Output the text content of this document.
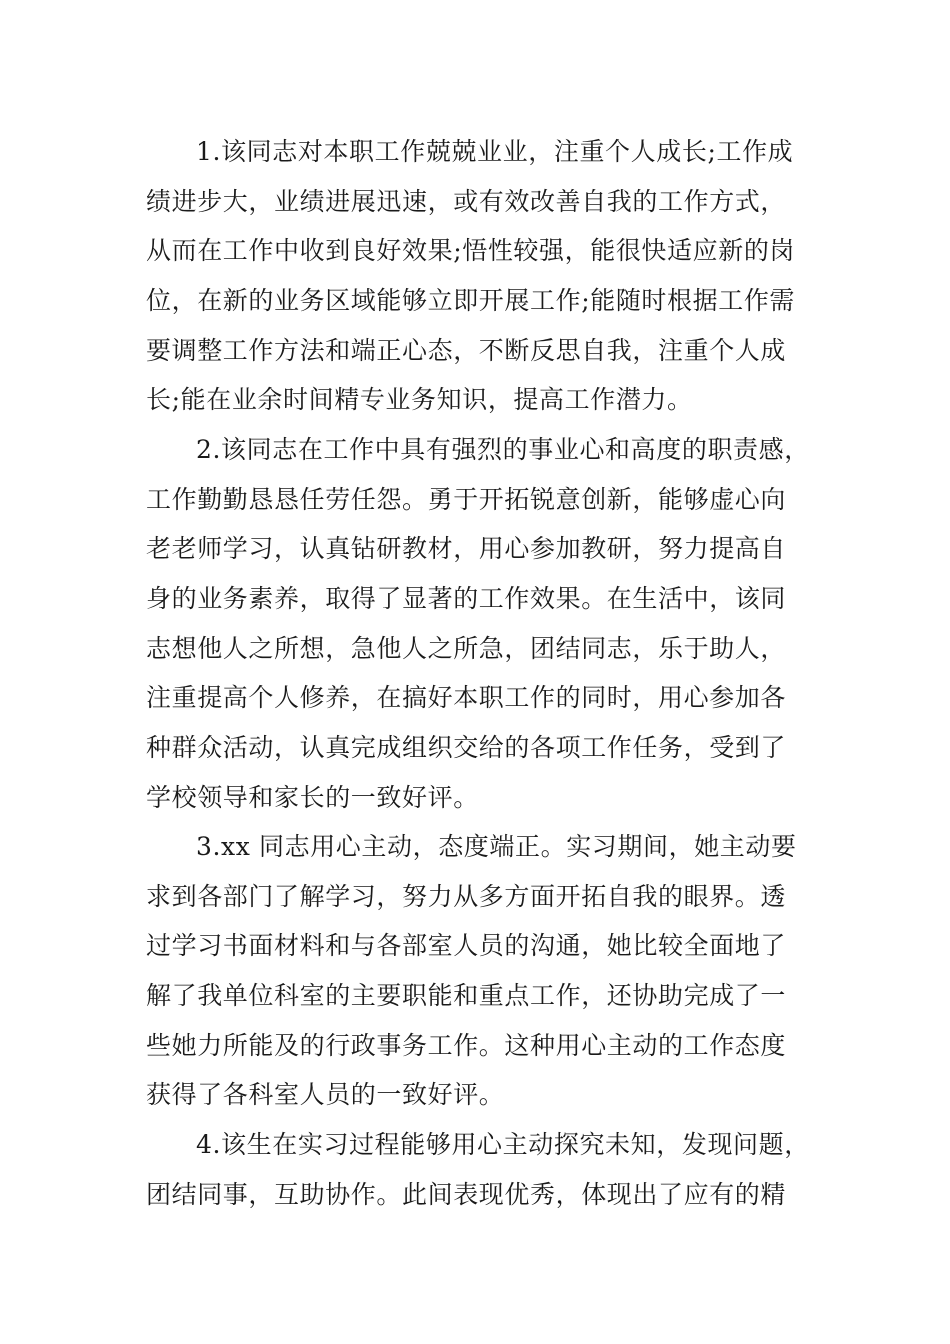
1.该同志对本职工作兢兢业业，注重个人成长;工作成

绩进步大，业绩进展迅速，或有效改善自我的工作方式，

从而在工作中收到良好效果;悟性较强，能很快适应新的岗

位，在新的业务区域能够立即开展工作;能随时根据工作需

要调整工作方法和端正心态，不断反思自我，注重个人成

长;能在业余时间精专业务知识，提高工作潜力。

2.该同志在工作中具有强烈的事业心和高度的职责感，

工作勤勤恳恳任劳任怨。勇于开拓锐意创新，能够虚心向

老老师学习，认真钻研教材，用心参加教研，努力提高自

身的业务素养，取得了显著的工作效果。在生活中，该同

志想他人之所想，急他人之所急，团结同志，乐于助人，

注重提高个人修养，在搞好本职工作的同时，用心参加各

种群众活动，认真完成组织交给的各项工作任务，受到了

学校领导和家长的一致好评。

3.xx 同志用心主动，态度端正。实习期间，她主动要

求到各部门了解学习，努力从多方面开拓自我的眼界。透

过学习书面材料和与各部室人员的沟通，她比较全面地了

解了我单位科室的主要职能和重点工作，还协助完成了一

些她力所能及的行政事务工作。这种用心主动的工作态度

获得了各科室人员的一致好评。

4.该生在实习过程能够用心主动探究未知，发现问题，

团结同事，互助协作。此间表现优秀，体现出了应有的精
